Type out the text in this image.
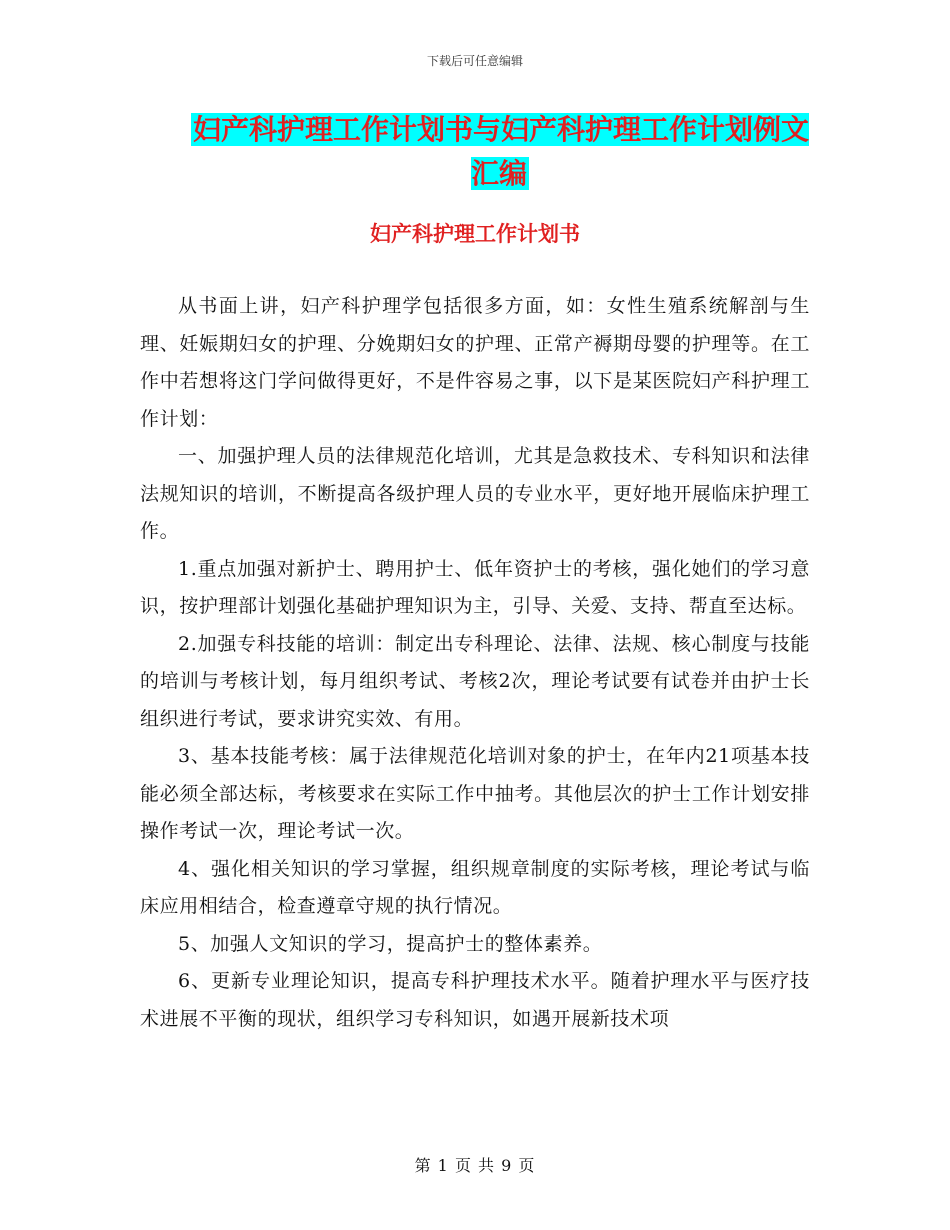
下载后可任意编辑
妇产科护理工作计划书与妇产科护理工作计划例文汇编
妇产科护理工作计划书

从书面上讲，妇产科护理学包括很多方面，如：女性生殖系统解剖与生理、妊娠期妇女的护理、分娩期妇女的护理、正常产褥期母婴的护理等。在工作中若想将这门学问做得更好，不是件容易之事，以下是某医院妇产科护理工作计划：

一、加强护理人员的法律规范化培训，尤其是急救技术、专科知识和法律法规知识的培训，不断提高各级护理人员的专业水平，更好地开展临床护理工作。

1.重点加强对新护士、聘用护士、低年资护士的考核，强化她们的学习意识，按护理部计划强化基础护理知识为主，引导、关爱、支持、帮直至达标。

2.加强专科技能的培训：制定出专科理论、法律、法规、核心制度与技能的培训与考核计划，每月组织考试、考核2次，理论考试要有试卷并由护士长组织进行考试，要求讲究实效、有用。

3、基本技能考核：属于法律规范化培训对象的护士，在年内21项基本技能必须全部达标，考核要求在实际工作中抽考。其他层次的护士工作计划安排操作考试一次，理论考试一次。

4、强化相关知识的学习掌握，组织规章制度的实际考核，理论考试与临床应用相结合，检查遵章守规的执行情况。

5、加强人文知识的学习，提高护士的整体素养。

6、更新专业理论知识，提高专科护理技术水平。随着护理水平与医疗技术进展不平衡的现状，组织学习专科知识，如遇开展新技术项

第 1 页 共 9 页
